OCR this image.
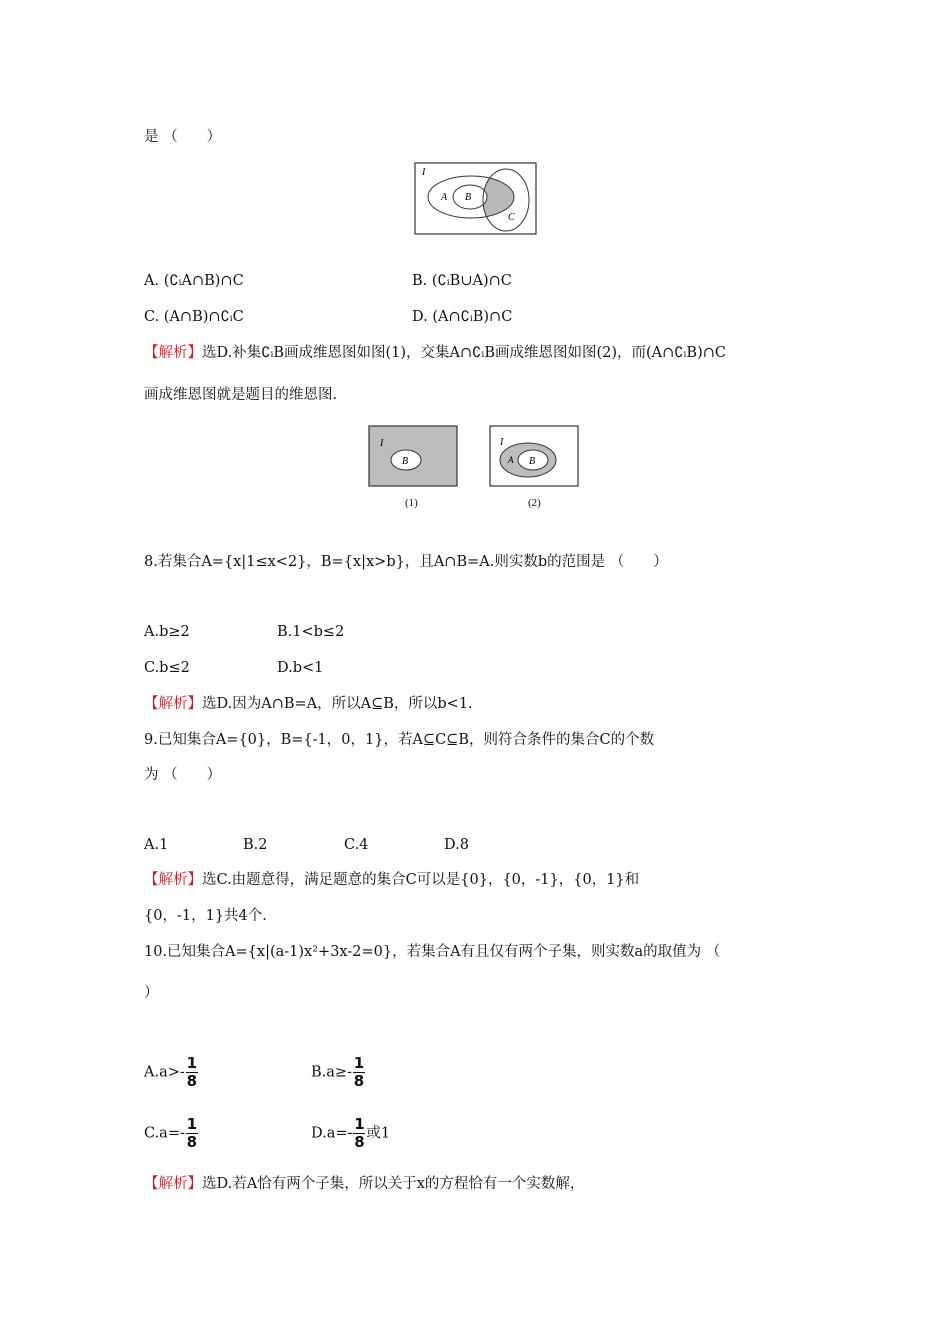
是 （　　）
I
A B
C
A. (∁ᵢA∩B)∩C	B. (∁ᵢB∪A)∩C
C. (A∩B)∩∁ᵢC	D. (A∩∁ᵢB)∩C
【解析】选D.补集∁ᵢB画成维恩图如图(1)，交集A∩∁ᵢB画成维恩图如图(2)，而(A∩∁ᵢB)∩C
画成维恩图就是题目的维恩图.
I
B
(1)
I
A B
(2)
8.若集合A={x|1≤x<2}，B={x|x>b}，且A∩B=A.则实数b的范围是 （　　）
A.b≥2	B.1<b≤2
C.b≤2	D.b<1
【解析】选D.因为A∩B=A，所以A⊆B，所以b<1.
9.已知集合A={0}，B={-1，0，1}，若A⊆C⊆B，则符合条件的集合C的个数
为 （　　）
A.1	B.2	C.4	D.8
【解析】选C.由题意得，满足题意的集合C可以是{0}，{0，-1}，{0，1}和
{0，-1，1}共4个.
10.已知集合A={x|(a-1)x²+3x-2=0}，若集合A有且仅有两个子集，则实数a的取值为 （
）
$A.a>- \frac{1}{8}$	$B.a\ge- \frac{1}{8}$
$C.a=- \frac{1}{8}$	$D.a=- \frac{1}{8}$ 或1
【解析】选D.若A恰有两个子集，所以关于x的方程恰有一个实数解，
